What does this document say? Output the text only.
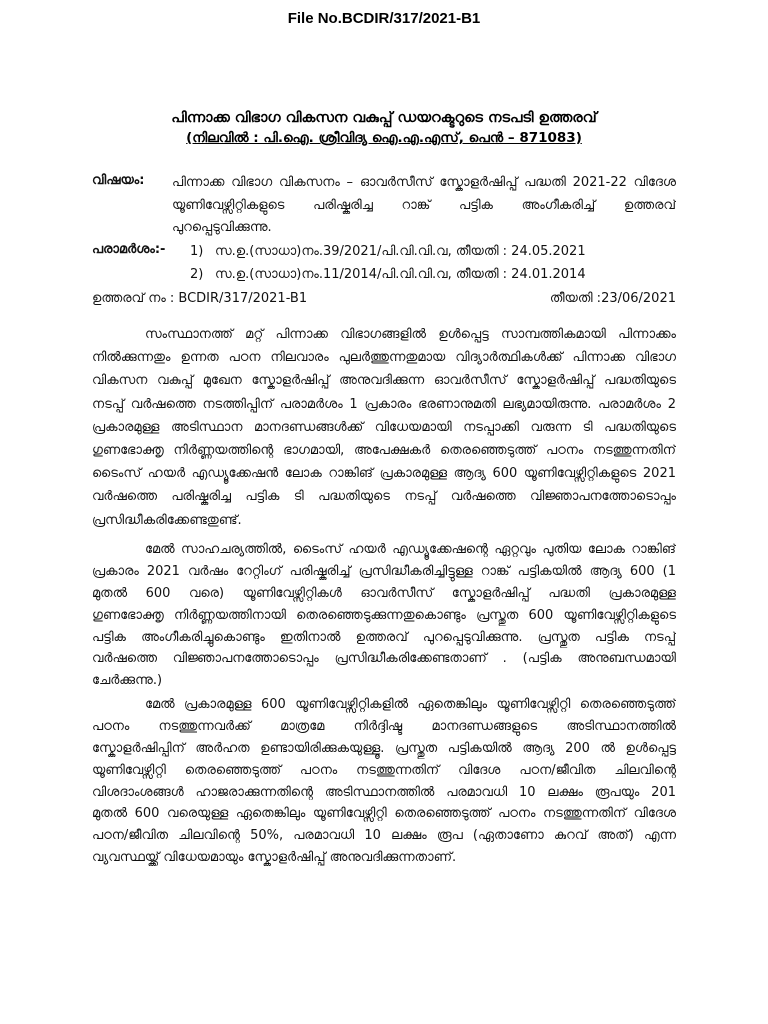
File No.BCDIR/317/2021-B1
പിന്നാക്ക വിഭാഗ വികസന വകുപ്പ് ഡയറക്ടറുടെ നടപടി ഉത്തരവ്
(നിലവിൽ : പി.ഐ. ശ്രീവിദ്യ ഐ.എ.എസ്, പെൻ – 871083)
വിഷയം: പിന്നാക്ക വിഭാഗ വികസനം – ഓവർസീസ് സ്കോളർഷിപ്പ് പദ്ധതി 2021-22 വിദേശ
യൂണിവേഴ്സിറ്റികളുടെ പരിഷ്കരിച്ച റാങ്ക് പട്ടിക അംഗീകരിച്ച് ഉത്തരവ്
പുറപ്പെടുവിക്കുന്നു.
പരാമർശം:- 1) സ.ഉ.(സാധാ)നം.39/2021/പി.വി.വി.വ, തീയതി : 24.05.2021
2) സ.ഉ.(സാധാ)നം.11/2014/പി.വി.വി.വ, തീയതി : 24.01.2014
ഉത്തരവ് നം : BCDIR/317/2021-B1	തീയതി :23/06/2021
സംസ്ഥാനത്ത് മറ്റ് പിന്നാക്ക വിഭാഗങ്ങളിൽ ഉൾപ്പെട്ട സാമ്പത്തികമായി പിന്നാക്കം
നിൽക്കുന്നതും ഉന്നത പഠന നിലവാരം പുലർത്തുന്നതുമായ വിദ്യാർത്ഥികൾക്ക് പിന്നാക്ക വിഭാഗ
വികസന വകുപ്പ് മുഖേന സ്കോളർഷിപ്പ് അനുവദിക്കുന്ന ഓവർസീസ് സ്കോളർഷിപ്പ് പദ്ധതിയുടെ
നടപ്പ് വർഷത്തെ നടത്തിപ്പിന് പരാമർശം 1 പ്രകാരം ഭരണാനുമതി ലഭ്യമായിരുന്നു. പരാമർശം 2
പ്രകാരമുള്ള അടിസ്ഥാന മാനദണ്ഡങ്ങൾക്ക് വിധേയമായി നടപ്പാക്കി വരുന്ന ടി പദ്ധതിയുടെ
ഗുണഭോക്തൃ നിർണ്ണയത്തിന്റെ ഭാഗമായി, അപേക്ഷകർ തെരഞ്ഞെടുത്ത് പഠനം നടത്തുന്നതിന്
ടൈംസ് ഹയർ എഡ്യൂക്കേഷൻ ലോക റാങ്കിങ് പ്രകാരമുള്ള ആദ്യ 600 യൂണിവേഴ്സിറ്റികളുടെ 2021
വർഷത്തെ പരിഷ്കരിച്ച പട്ടിക ടി പദ്ധതിയുടെ നടപ്പ് വർഷത്തെ വിജ്ഞാപനത്തോടൊപ്പം
പ്രസിദ്ധീകരിക്കേണ്ടതുണ്ട്.
മേൽ സാഹചര്യത്തിൽ, ടൈംസ് ഹയർ എഡ്യൂക്കേഷന്റെ ഏറ്റവും പുതിയ ലോക റാങ്കിങ്
പ്രകാരം 2021 വർഷം റേറ്റിംഗ് പരിഷ്കരിച്ച് പ്രസിദ്ധീകരിച്ചിട്ടുള്ള റാങ്ക് പട്ടികയിൽ ആദ്യ 600 (1
മുതൽ 600 വരെ) യൂണിവേഴ്സിറ്റികൾ ഓവർസീസ് സ്കോളർഷിപ്പ് പദ്ധതി പ്രകാരമുള്ള
ഗുണഭോക്തൃ നിർണ്ണയത്തിനായി തെരഞ്ഞെടുക്കുന്നതുകൊണ്ടും പ്രസ്തുത 600 യൂണിവേഴ്സിറ്റികളുടെ
പട്ടിക അംഗീകരിച്ചുകൊണ്ടും ഇതിനാൽ ഉത്തരവ് പുറപ്പെടുവിക്കുന്നു. പ്രസ്തുത പട്ടിക നടപ്പ്
വർഷത്തെ വിജ്ഞാപനത്തോടൊപ്പം പ്രസിദ്ധീകരിക്കേണ്ടതാണ് . (പട്ടിക അനുബന്ധമായി
ചേർക്കുന്നു.)
മേൽ പ്രകാരമുള്ള 600 യൂണിവേഴ്സിറ്റികളിൽ ഏതെങ്കിലും യൂണിവേഴ്സിറ്റി തെരഞ്ഞെടുത്ത്
പഠനം നടത്തുന്നവർക്ക് മാത്രമേ നിർദ്ദിഷ്ട മാനദണ്ഡങ്ങളുടെ അടിസ്ഥാനത്തിൽ
സ്കോളർഷിപ്പിന് അർഹത ഉണ്ടായിരിക്കുകയുള്ളൂ. പ്രസ്തുത പട്ടികയിൽ ആദ്യ 200 ൽ ഉൾപ്പെട്ട
യൂണിവേഴ്സിറ്റി തെരഞ്ഞെടുത്ത് പഠനം നടത്തുന്നതിന് വിദേശ പഠന/ജീവിത ചിലവിന്റെ
വിശദാംശങ്ങൾ ഹാജരാക്കുന്നതിന്റെ അടിസ്ഥാനത്തിൽ പരമാവധി 10 ലക്ഷം രൂപയും 201
മുതൽ 600 വരെയുള്ള ഏതെങ്കിലും യൂണിവേഴ്സിറ്റി തെരഞ്ഞെടുത്ത് പഠനം നടത്തുന്നതിന് വിദേശ
പഠന/ജീവിത ചിലവിന്റെ 50%, പരമാവധി 10 ലക്ഷം രൂപ (ഏതാണോ കുറവ് അത്) എന്ന
വ്യവസ്ഥയ്ക്ക് വിധേയമായും സ്കോളർഷിപ്പ് അനുവദിക്കുന്നതാണ്.
